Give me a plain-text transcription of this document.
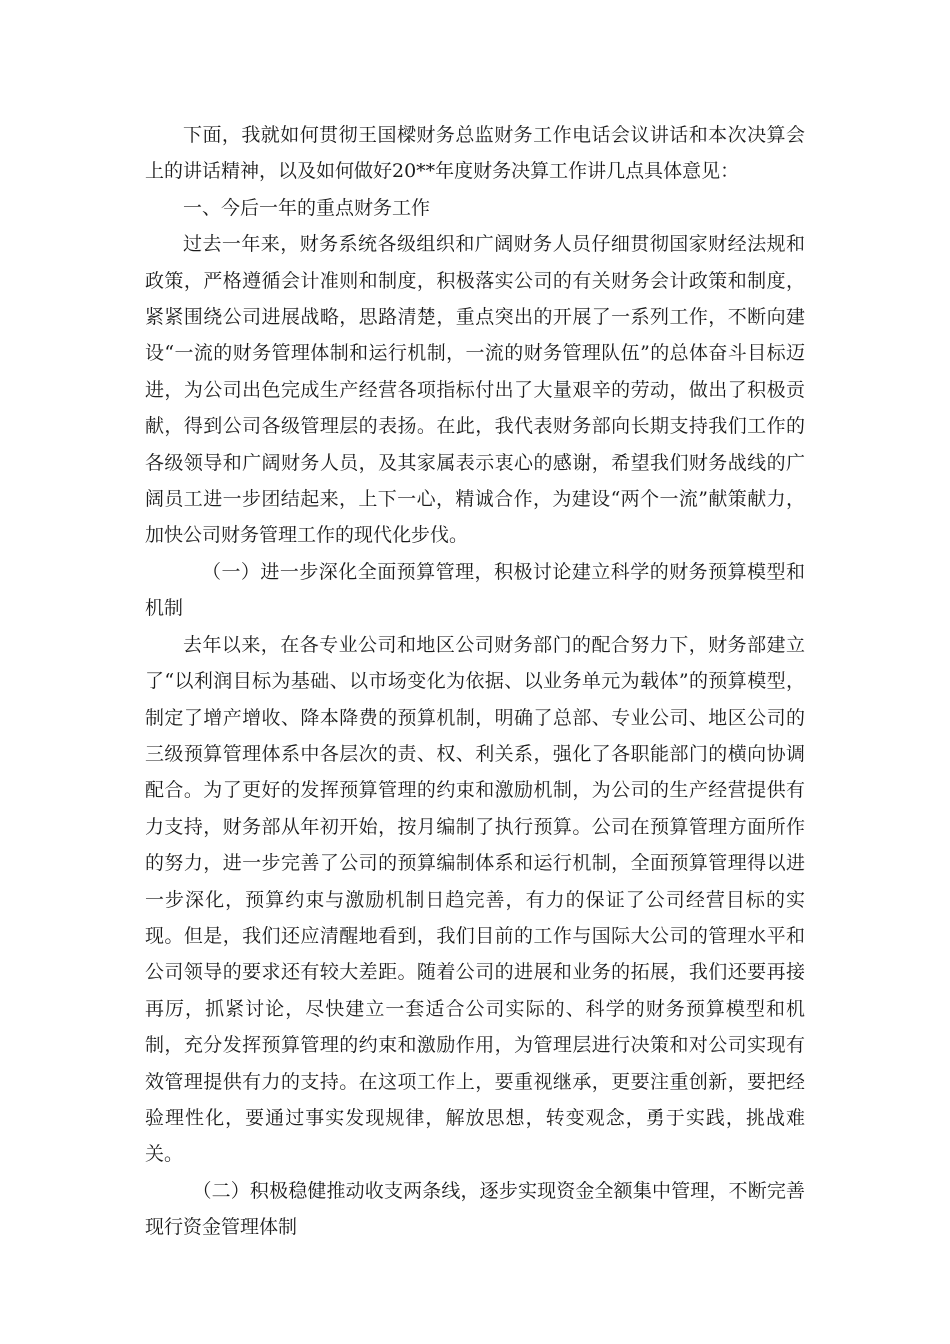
下面，我就如何贯彻王国樑财务总监财务工作电话会议讲话和本次决算会上的讲话精神，以及如何做好20**年度财务决算工作讲几点具体意见：

一、今后一年的重点财务工作

过去一年来，财务系统各级组织和广阔财务人员仔细贯彻国家财经法规和政策，严格遵循会计准则和制度，积极落实公司的有关财务会计政策和制度，紧紧围绕公司进展战略，思路清楚，重点突出的开展了一系列工作，不断向建设“一流的财务管理体制和运行机制，一流的财务管理队伍”的总体奋斗目标迈进，为公司出色完成生产经营各项指标付出了大量艰辛的劳动，做出了积极贡献，得到公司各级管理层的表扬。在此，我代表财务部向长期支持我们工作的各级领导和广阔财务人员，及其家属表示衷心的感谢，希望我们财务战线的广阔员工进一步团结起来，上下一心，精诚合作，为建设“两个一流”献策献力，加快公司财务管理工作的现代化步伐。

（一）进一步深化全面预算管理，积极讨论建立科学的财务预算模型和机制

去年以来，在各专业公司和地区公司财务部门的配合努力下，财务部建立了“以利润目标为基础、以市场变化为依据、以业务单元为载体”的预算模型，制定了增产增收、降本降费的预算机制，明确了总部、专业公司、地区公司的三级预算管理体系中各层次的责、权、利关系，强化了各职能部门的横向协调配合。为了更好的发挥预算管理的约束和激励机制，为公司的生产经营提供有力支持，财务部从年初开始，按月编制了执行预算。公司在预算管理方面所作的努力，进一步完善了公司的预算编制体系和运行机制，全面预算管理得以进一步深化，预算约束与激励机制日趋完善，有力的保证了公司经营目标的实现。但是，我们还应清醒地看到，我们目前的工作与国际大公司的管理水平和公司领导的要求还有较大差距。随着公司的进展和业务的拓展，我们还要再接再厉，抓紧讨论，尽快建立一套适合公司实际的、科学的财务预算模型和机制，充分发挥预算管理的约束和激励作用，为管理层进行决策和对公司实现有效管理提供有力的支持。在这项工作上，要重视继承，更要注重创新，要把经验理性化，要通过事实发现规律，解放思想，转变观念，勇于实践，挑战难关。

（二）积极稳健推动收支两条线，逐步实现资金全额集中管理，不断完善现行资金管理体制
